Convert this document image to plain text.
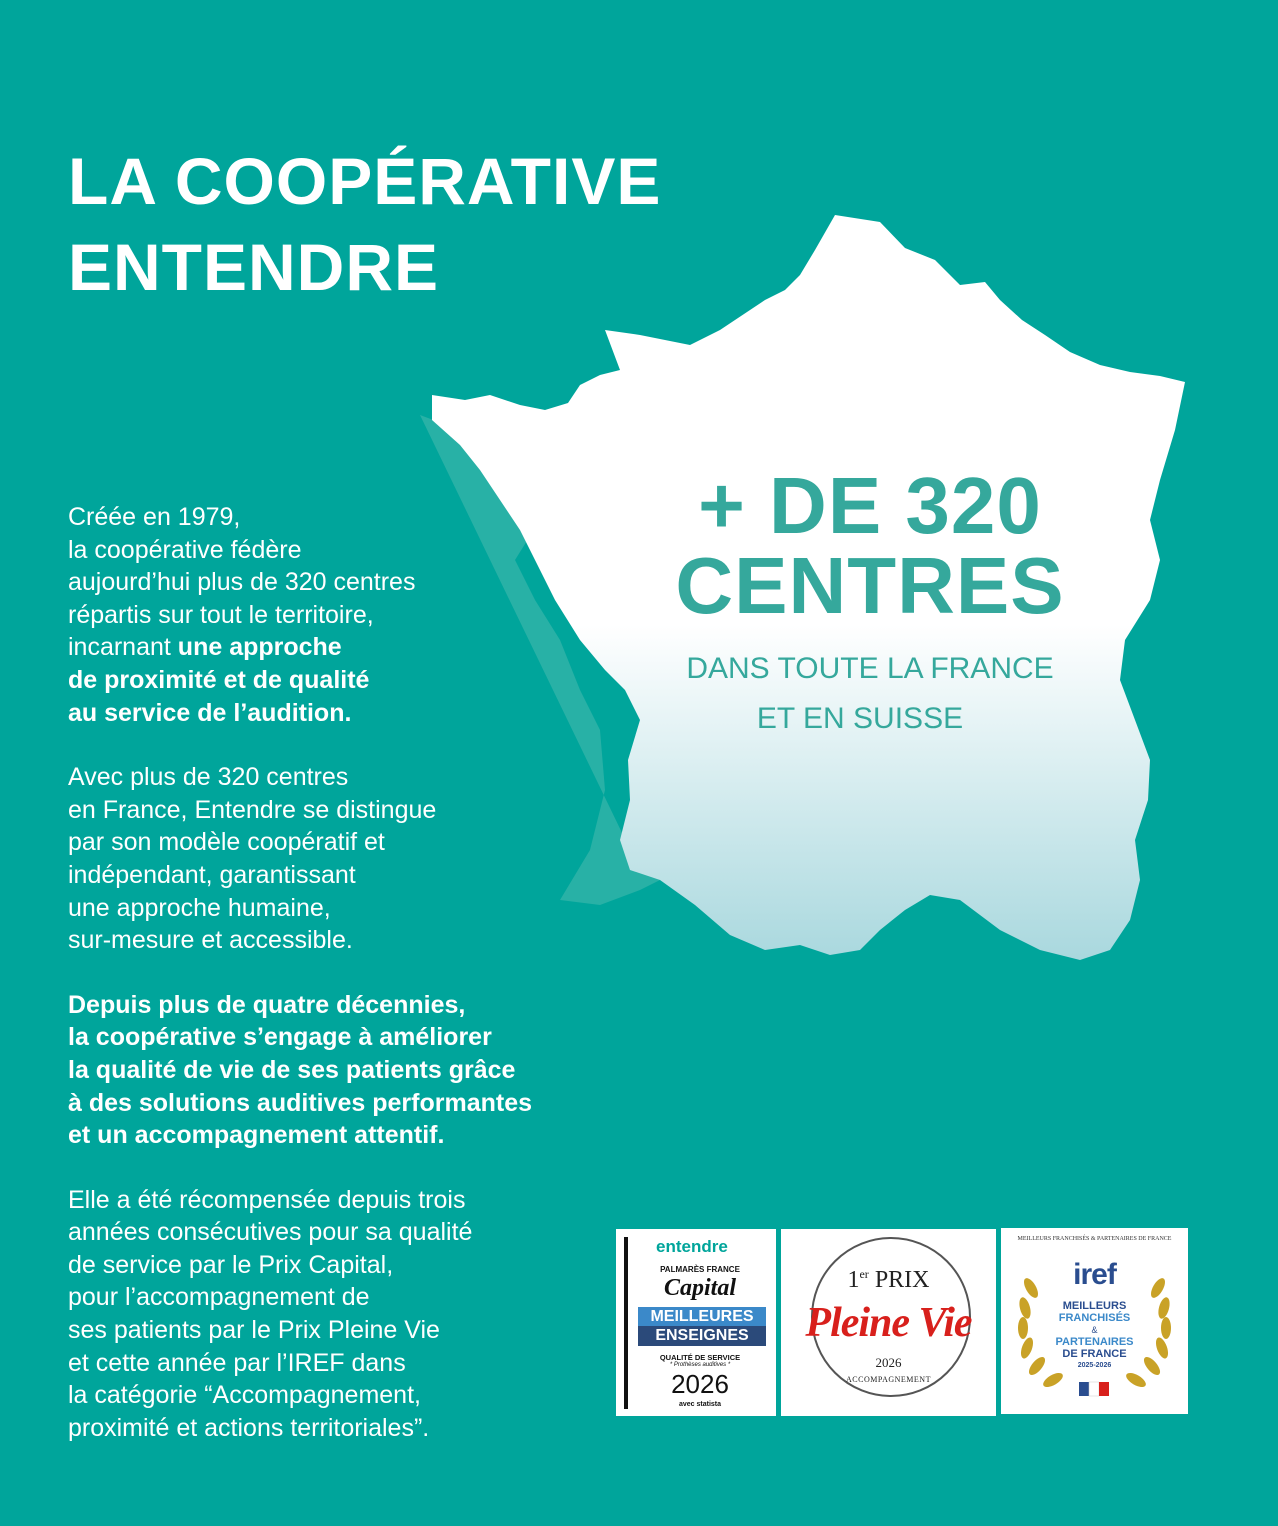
LA COOPÉRATIVE
ENTENDRE
+ DE 320
CENTRES
DANS TOUTE LA FRANCE
ET EN SUISSE

Créée en 1979,
la coopérative fédère
aujourd’hui plus de 320 centres
répartis sur tout le territoire,
incarnant une approche
de proximité et de qualité
au service de l’audition.

Avec plus de 320 centres
en France, Entendre se distingue
par son modèle coopératif et
indépendant, garantissant
une approche humaine,
sur-mesure et accessible.

Depuis plus de quatre décennies,
la coopérative s’engage à améliorer
la qualité de vie de ses patients grâce
à des solutions auditives performantes
et un accompagnement attentif.

Elle a été récompensée depuis trois
années consécutives pour sa qualité
de service par le Prix Capital,
pour l’accompagnement de
ses patients par le Prix Pleine Vie
et cette année par l’IREF dans
la catégorie “Accompagnement,
proximité et actions territoriales”.

entendre
PALMARÈS FRANCE
Capital
MEILLEURES
ENSEIGNES
QUALITÉ DE SERVICE
* Prothèses auditives *
2026
avec statista
1er PRIX
Pleine Vie
2026
ACCOMPAGNEMENT
MEILLEURS FRANCHISÉS & PARTENAIRES DE FRANCE
iref
MEILLEURS
FRANCHISÉS
&
PARTENAIRES
DE FRANCE
2025-2026
